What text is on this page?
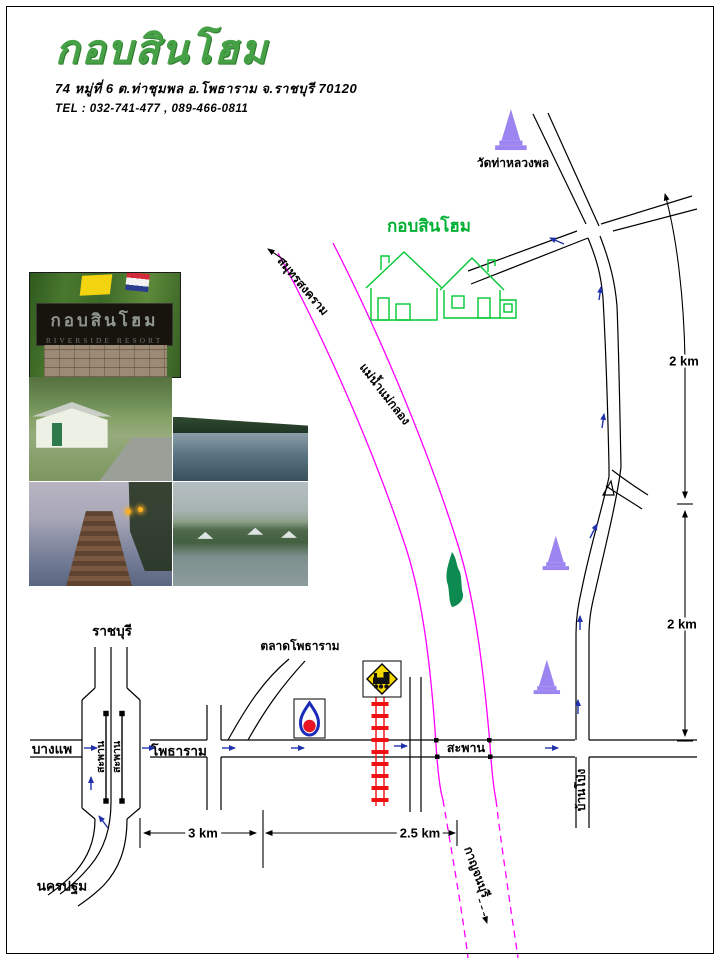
กอบสินโฮม
74 หมู่ที่ 6 ต.ท่าชุมพล อ.โพธาราม จ.ราชบุรี 70120
TEL : 032-741-477 , 089-466-0811
กอบสินโฮม
RIVERSIDE RESORT
กอบสินโฮม
วัดท่าหลวงพล
แม่น้ำแม่กลอง
สมุทรสงคราม
กาญจนบุรี
ตลาดโพธาราม
สะพาน
สะพาน สะพาน
ราชบุรี
บางแพ	โพธาราม
นครปฐม
บ้านโป่ง
3 km	2.5 km
2 km
2 km
